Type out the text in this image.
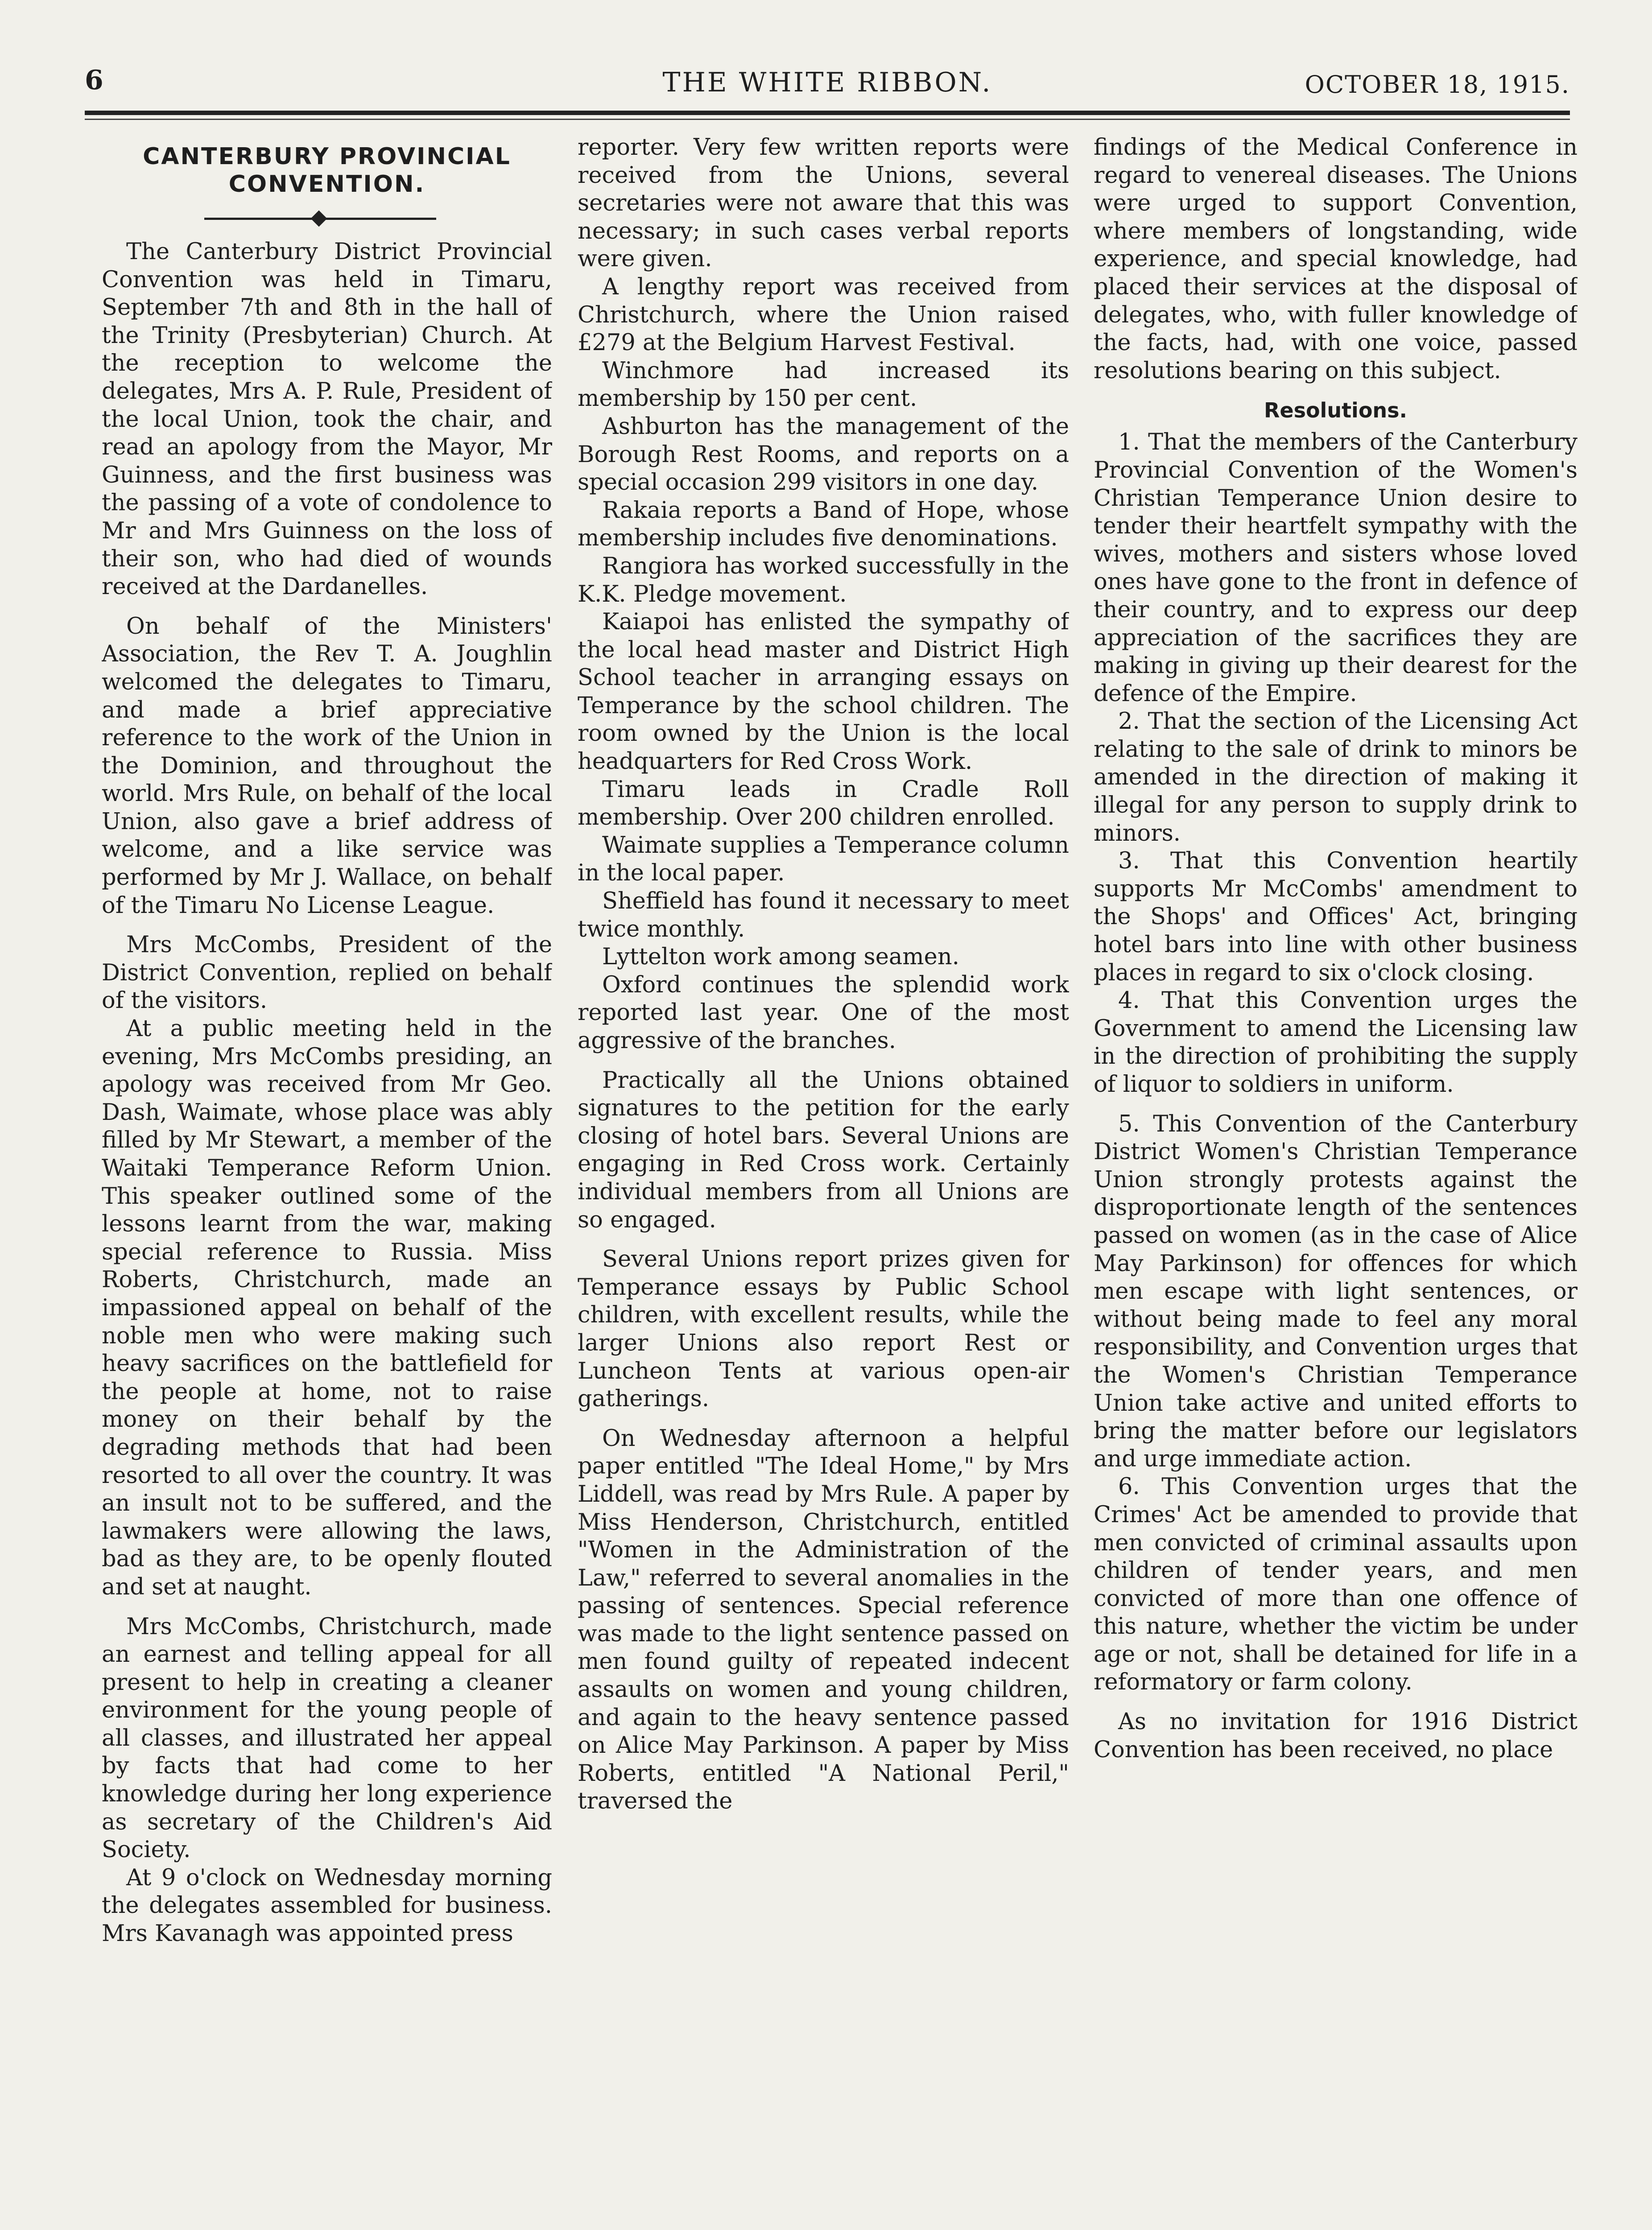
6	THE WHITE RIBBON.	OCTOBER 18, 1915.
CANTERBURY PROVINCIAL
CONVENTION.

The Canterbury District Provincial Convention was held in Timaru, September 7th and 8th in the hall of the Trinity (Presbyterian) Church. At the reception to welcome the delegates, Mrs A. P. Rule, President of the local Union, took the chair, and read an apology from the Mayor, Mr Guinness, and the first business was the passing of a vote of condolence to Mr and Mrs Guinness on the loss of their son, who had died of wounds received at the Dardanelles.

On behalf of the Ministers' Association, the Rev T. A. Joughlin welcomed the delegates to Timaru, and made a brief appreciative reference to the work of the Union in the Dominion, and throughout the world. Mrs Rule, on behalf of the local Union, also gave a brief address of welcome, and a like service was performed by Mr J. Wallace, on behalf of the Timaru No License League.

Mrs McCombs, President of the District Convention, replied on behalf of the visitors.

At a public meeting held in the evening, Mrs McCombs presiding, an apology was received from Mr Geo. Dash, Waimate, whose place was ably filled by Mr Stewart, a member of the Waitaki Temperance Reform Union. This speaker outlined some of the lessons learnt from the war, making special reference to Russia. Miss Roberts, Christchurch, made an impassioned appeal on behalf of the noble men who were making such heavy sacrifices on the battlefield for the people at home, not to raise money on their behalf by the degrading methods that had been resorted to all over the country. It was an insult not to be suffered, and the lawmakers were allowing the laws, bad as they are, to be openly flouted and set at naught.

Mrs McCombs, Christchurch, made an earnest and telling appeal for all present to help in creating a cleaner environment for the young people of all classes, and illustrated her appeal by facts that had come to her knowledge during her long experience as secretary of the Children's Aid Society.

At 9 o'clock on Wednesday morning the delegates assembled for business. Mrs Kavanagh was appointed press

reporter. Very few written reports were received from the Unions, several secretaries were not aware that this was necessary; in such cases verbal reports were given.

A lengthy report was received from Christchurch, where the Union raised £279 at the Belgium Harvest Festival.

Winchmore had increased its membership by 150 per cent.

Ashburton has the management of the Borough Rest Rooms, and reports on a special occasion 299 visitors in one day.

Rakaia reports a Band of Hope, whose membership includes five denominations.

Rangiora has worked successfully in the K.K. Pledge movement.

Kaiapoi has enlisted the sympathy of the local head master and District High School teacher in arranging essays on Temperance by the school children. The room owned by the Union is the local headquarters for Red Cross Work.

Timaru leads in Cradle Roll membership. Over 200 children enrolled.

Waimate supplies a Temperance column in the local paper.

Sheffield has found it necessary to meet twice monthly.

Lyttelton work among seamen.

Oxford continues the splendid work reported last year. One of the most aggressive of the branches.

Practically all the Unions obtained signatures to the petition for the early closing of hotel bars. Several Unions are engaging in Red Cross work. Certainly individual members from all Unions are so engaged.

Several Unions report prizes given for Temperance essays by Public School children, with excellent results, while the larger Unions also report Rest or Luncheon Tents at various open-air gatherings.

On Wednesday afternoon a helpful paper entitled "The Ideal Home," by Mrs Liddell, was read by Mrs Rule. A paper by Miss Henderson, Christchurch, entitled "Women in the Administration of the Law," referred to several anomalies in the passing of sentences. Special reference was made to the light sentence passed on men found guilty of repeated indecent assaults on women and young children, and again to the heavy sentence passed on Alice May Parkinson. A paper by Miss Roberts, entitled "A National Peril," traversed the

findings of the Medical Conference in regard to venereal diseases. The Unions were urged to support Convention, where members of longstanding, wide experience, and special knowledge, had placed their services at the disposal of delegates, who, with fuller knowledge of the facts, had, with one voice, passed resolutions bearing on this subject.

Resolutions.

1. That the members of the Canterbury Provincial Convention of the Women's Christian Temperance Union desire to tender their heartfelt sympathy with the wives, mothers and sisters whose loved ones have gone to the front in defence of their country, and to express our deep appreciation of the sacrifices they are making in giving up their dearest for the defence of the Empire.

2. That the section of the Licensing Act relating to the sale of drink to minors be amended in the direction of making it illegal for any person to supply drink to minors.

3. That this Convention heartily supports Mr McCombs' amendment to the Shops' and Offices' Act, bringing hotel bars into line with other business places in regard to six o'clock closing.

4. That this Convention urges the Government to amend the Licensing law in the direction of prohibiting the supply of liquor to soldiers in uniform.

5. This Convention of the Canterbury District Women's Christian Temperance Union strongly protests against the disproportionate length of the sentences passed on women (as in the case of Alice May Parkinson) for offences for which men escape with light sentences, or without being made to feel any moral responsibility, and Convention urges that the Women's Christian Temperance Union take active and united efforts to bring the matter before our legislators and urge immediate action.

6. This Convention urges that the Crimes' Act be amended to provide that men convicted of criminal assaults upon children of tender years, and men convicted of more than one offence of this nature, whether the victim be under age or not, shall be detained for life in a reformatory or farm colony.

As no invitation for 1916 District Convention has been received, no place
